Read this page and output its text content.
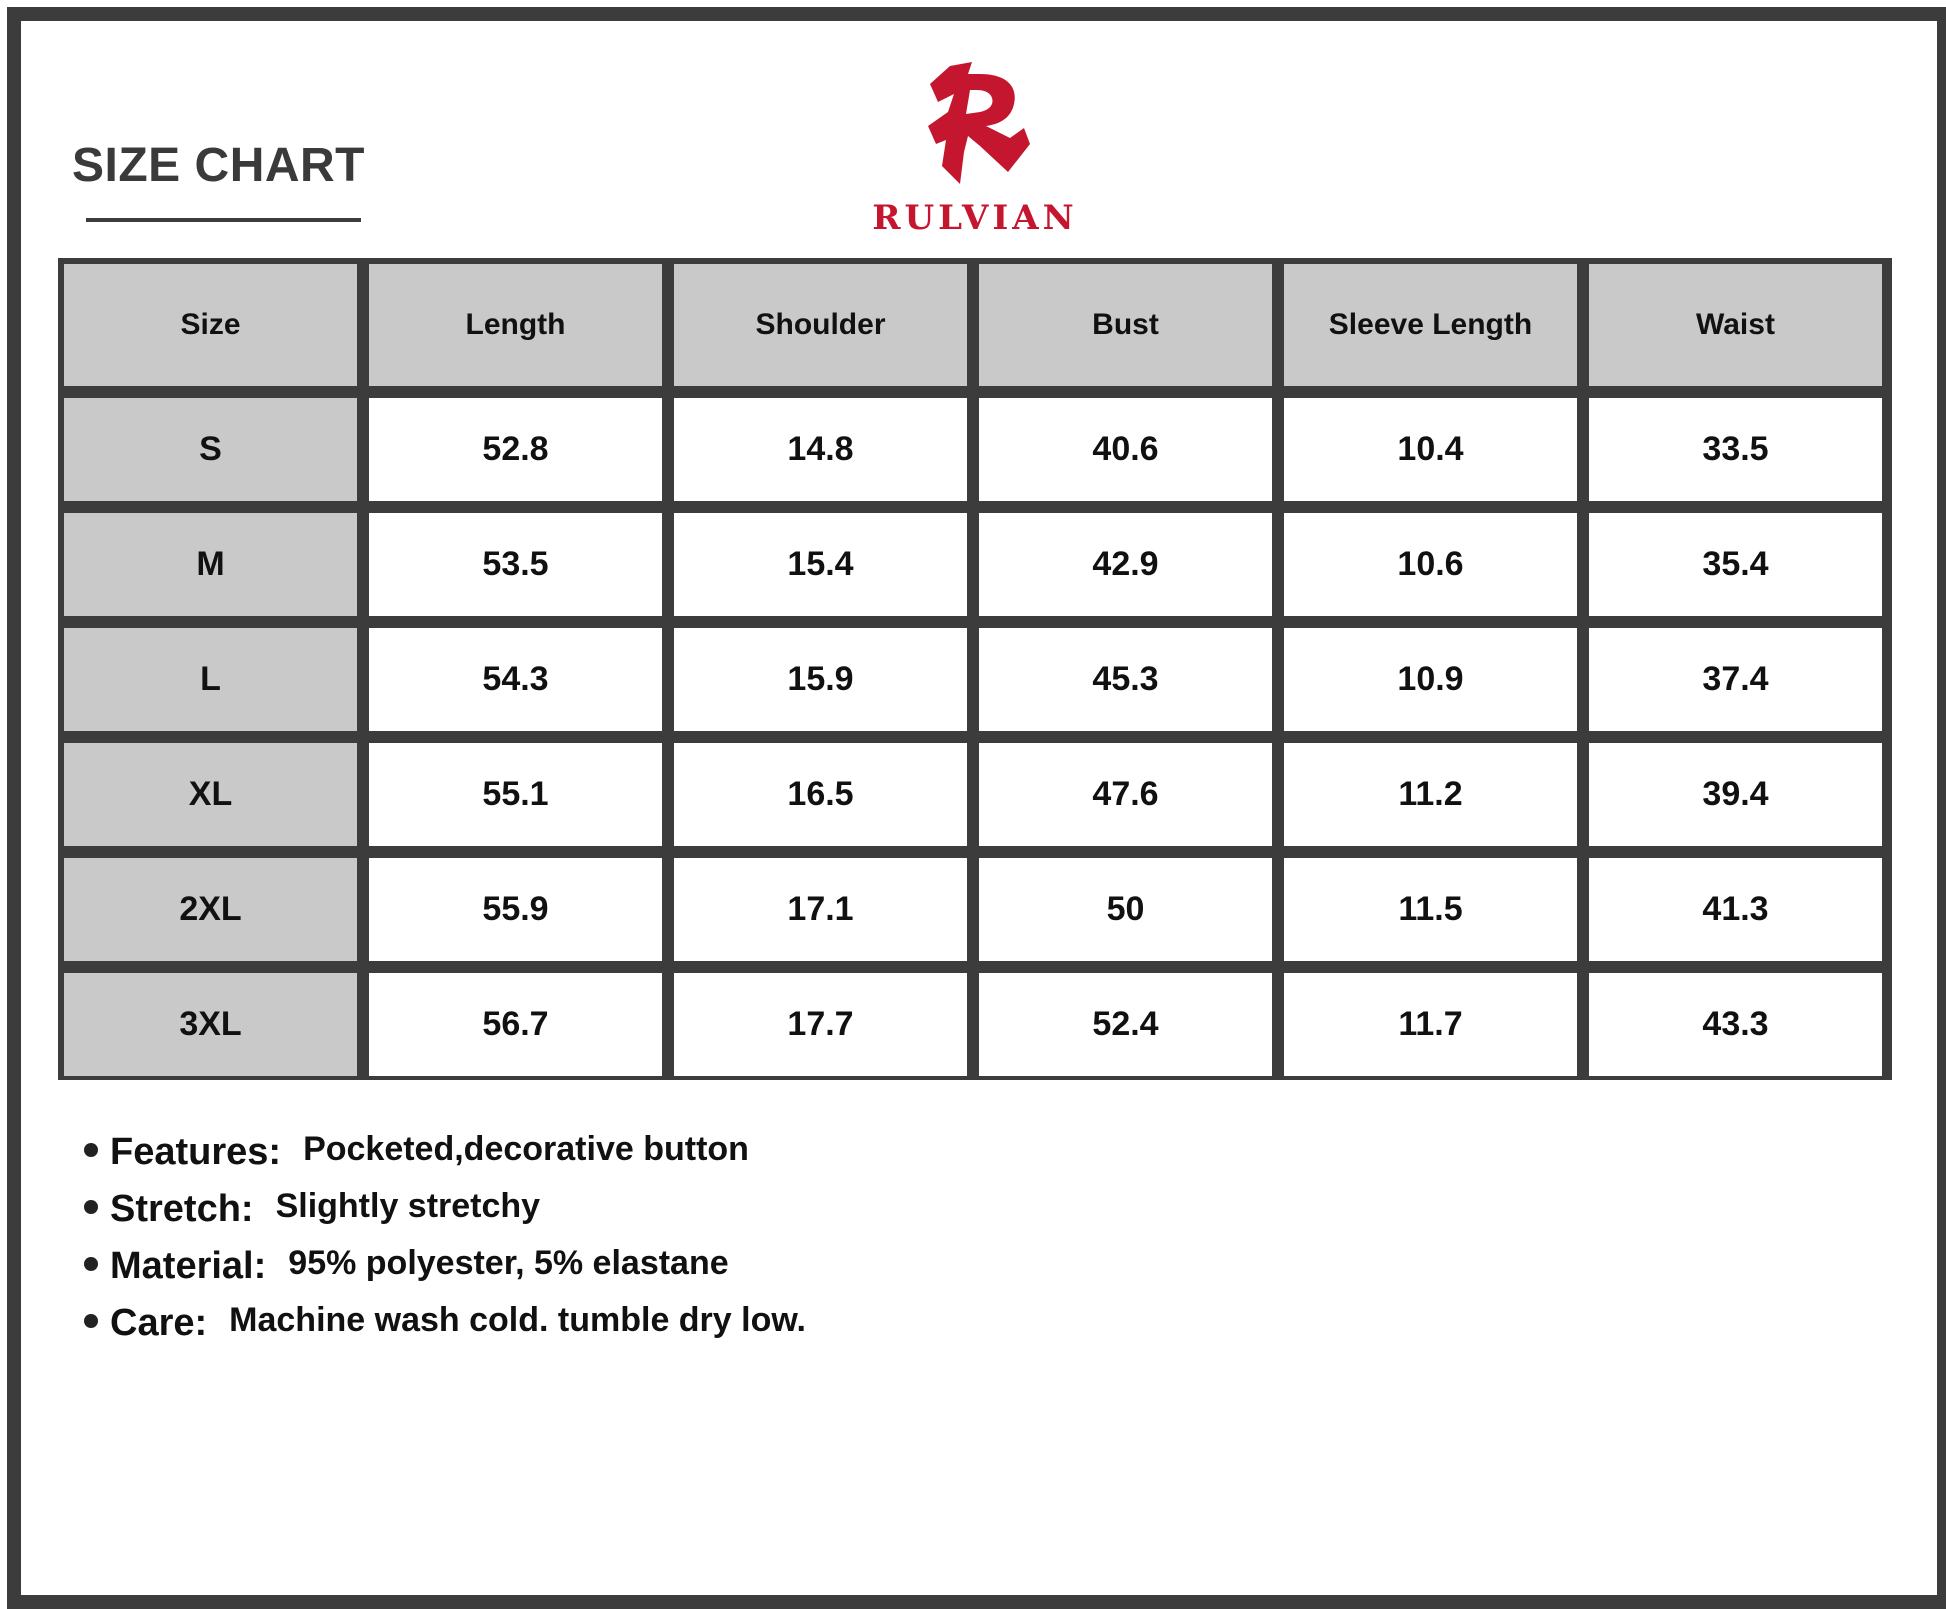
SIZE CHART
RULVIAN
Size	Length	Shoulder	Bust	Sleeve Length	Waist
S	52.8	14.8	40.6	10.4	33.5
M	53.5	15.4	42.9	10.6	35.4
L	54.3	15.9	45.3	10.9	37.4
XL	55.1	16.5	47.6	11.2	39.4
2XL	55.9	17.1	50	11.5	41.3
3XL	56.7	17.7	52.4	11.7	43.3
Features: Pocketed,decorative button
Stretch: Slightly stretchy
Material: 95% polyester, 5% elastane
Care: Machine wash cold. tumble dry low.
